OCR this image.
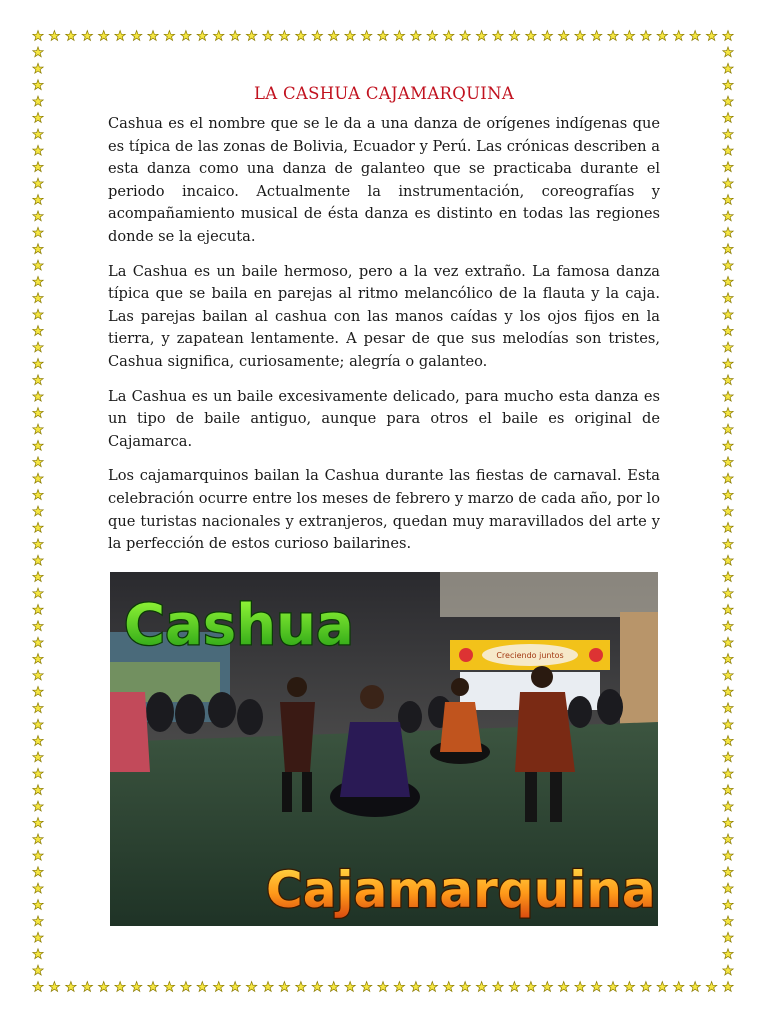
LA CASHUA CAJAMARQUINA

Cashua es el nombre que se le da a una danza de orígenes indígenas que es típica de las zonas de Bolivia, Ecuador y Perú. Las crónicas describen a esta danza como una danza de galanteo que se practicaba durante el periodo incaico. Actualmente la instrumentación, coreografías y acompañamiento musical de ésta danza es distinto en todas las regiones donde se la ejecuta.

La Cashua es un baile hermoso, pero a la vez extraño. La famosa danza típica que se baila en parejas al ritmo melancólico de la flauta y la caja. Las parejas bailan al cashua con las manos caídas y los ojos fijos en la tierra, y zapatean lentamente. A pesar de que sus melodías son tristes, Cashua significa, curiosamente; alegría o galanteo.

La Cashua es un baile excesivamente delicado, para mucho esta danza es un tipo de baile antiguo, aunque para otros el baile es original de Cajamarca.

Los cajamarquinos bailan la Cashua durante las fiestas de carnaval. Esta celebración ocurre entre los meses de febrero y marzo de cada año, por lo que turistas nacionales y extranjeros, quedan muy maravillados del arte y la perfección de estos curioso bailarines.

Creciendo juntos
Cashua
Cajamarquina
